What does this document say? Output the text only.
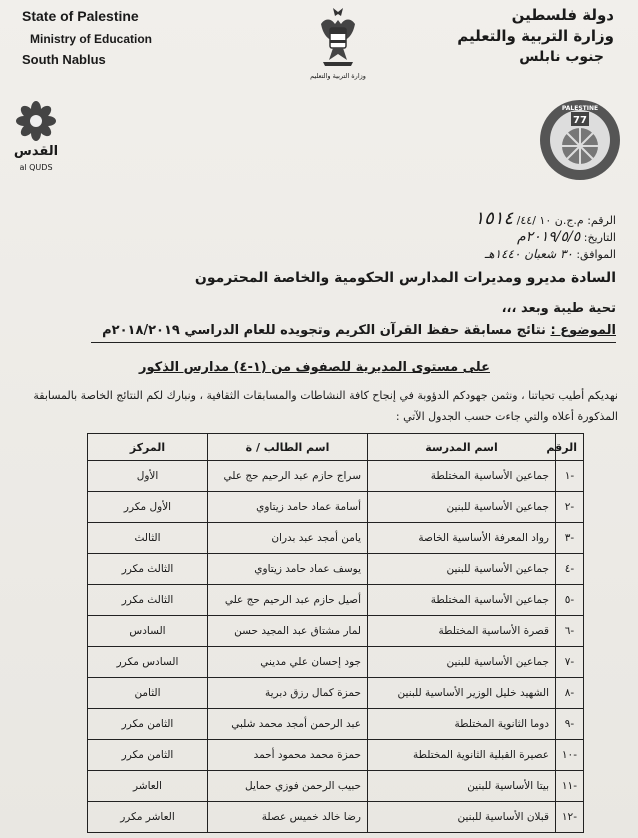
State of Palestine
Ministry of Education
South Nablus
وزارة التربية والتعليم
دولة فلسطين
وزارة التربية والتعليم
جنوب نابلس
القدس
al QUDS
77
PALESTINE
الرقم: م.ج.ن ١٠ /٤٤/ ١٥١٤
التاريخ: ٢٠١٩/٥/٥م
الموافق: ٣٠ شعبان ١٤٤٠هـ
السادة مديرو ومديرات المدارس الحكومية والخاصة المحترمون
تحية طيبة وبعد ،،،
الموضوع : نتائج مسابقة حفظ القرآن الكريم وتجويده للعام الدراسي ٢٠١٨/٢٠١٩م
على مستوى المديرية للصفوف من (١-٤) مدارس الذكور
نهديكم أطيب تحياتنا ، ونثمن جهودكم الدؤوبة في إنجاح كافة النشاطات والمسابقات الثقافية ، ونبارك لكم النتائج الخاصة بالمسابقة
المذكورة أعلاه والتي جاءت حسب الجدول الآتي :
الرقم	اسم المدرسة	اسم الطالب / ة	المركز
-١	جماعين الأساسية المختلطة	سراج حازم عبد الرحيم حج علي	الأول
-٢	جماعين الأساسية للبنين	أسامة عماد حامد زيتاوي	الأول مكرر
-٣	رواد المعرفة الأساسية الخاصة	يامن أمجد عبد بدران	الثالث
-٤	جماعين الأساسية للبنين	يوسف عماد حامد زيتاوي	الثالث مكرر
-٥	جماعين الأساسية المختلطة	أصيل حازم عبد الرحيم حج علي	الثالث مكرر
-٦	قصرة الأساسية المختلطة	لمار مشتاق عبد المجيد حسن	السادس
-٧	جماعين الأساسية للبنين	جود إحسان علي مديني	السادس مكرر
-٨	الشهيد خليل الوزير الأساسية للبنين	حمزة كمال رزق دبرية	الثامن
-٩	دوما الثانوية المختلطة	عبد الرحمن أمجد محمد شلبي	الثامن مكرر
-١٠	عصيرة القبلية الثانوية المختلطة	حمزة محمد محمود أحمد	الثامن مكرر
-١١	بيتا الأساسية للبنين	حبيب الرحمن فوزي حمايل	العاشر
-١٢	قبلان الأساسية للبنين	رضا خالد خميس عصلة	العاشر مكرر
